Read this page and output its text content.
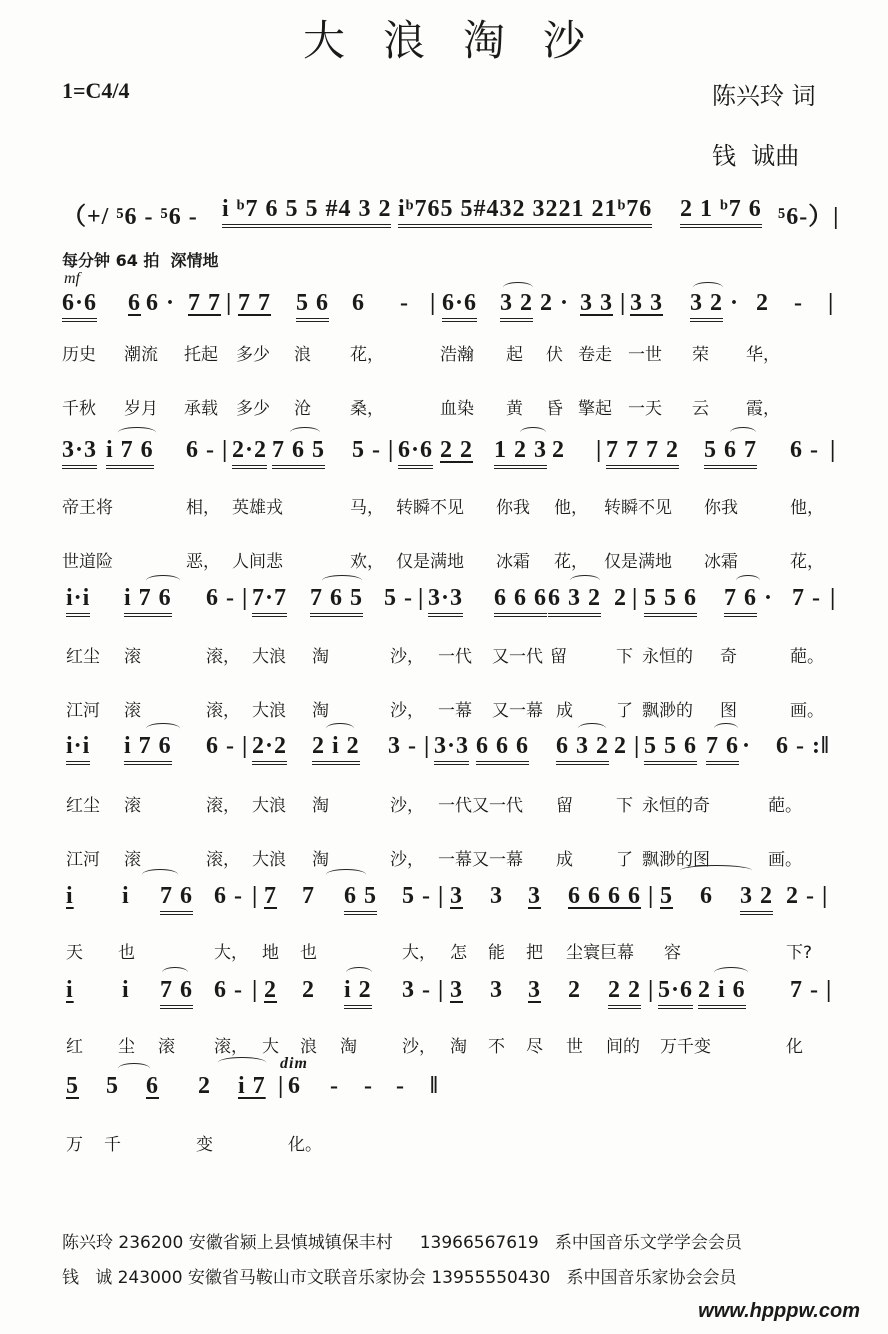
大浪淘沙
1=C4/4	陈兴玲 词
钱  诚曲
（+/ ⁵6 - ⁵6 - i ᵇ7 6 5 5 #4 3 2 iᵇ765 5#432 3221 21ᵇ76 2 1 ᵇ7 6 ⁵6-）|
每分钟 64 拍  深情地
mf
6·6 6 6 · 7 7 | 7 7 5 6 6 - | 6·6 3 2 2 · 3 3 | 3 3 3 2 · 2 - |
历史 潮流 托起 多少 浪 花，	浩瀚 起 伏 卷走 一世 荣 华，
千秋 岁月 承载 多少 沧 桑，	血染 黄 昏 擎起 一天 云 霞，
3·3 i 7 6 6 - | 2·2 7 6 5 5 - | 6·6 2 2 1 2 3 2 | 7 7 7 2 5 6 7 6 - |
帝王将	相， 英雄戎	马， 转瞬不见 你我 他， 转瞬不见 你我	他，
世道险	恶， 人间悲	欢， 仅是满地 冰霜 花， 仅是满地 冰霜	花，
i·i i 7 6 6 - | 7·7 7 6 5 5 - | 3·3 6 6 6 6 3 2 2 | 5 5 6 7 6 · 7 - |
红尘 滚	滚， 大浪 淘	沙， 一代 又一代 留	下 永恒的 奇	葩。
江河 滚	滚， 大浪 淘	沙， 一幕 又一幕 成	了 飘渺的 图	画。
i·i i 7 6 6 - | 2·2 2 i 2 3 - | 3·3 6 6 6 6 3 2 2 | 5 5 6 7 6 · 6 - :‖
红尘 滚	滚， 大浪 淘	沙， 一代又一代 留	下 永恒的奇	葩。
江河 滚	滚， 大浪 淘	沙， 一幕又一幕 成	了 飘渺的图	画。
i i 7 6 6 - | 7 7 6 5 5 - | 3 3 3 6 6 6 6 | 5 6 3 2 2 - |
天 也	大， 地 也	大， 怎 能 把 尘寰巨幕 容	下?
i i 7 6 6 - | 2 2 i 2 3 - | 3 3 3 2 2 2 | 5·6 2 i 6 7 - |
红 尘 滚 滚， 大 浪 淘	沙， 淘 不 尽 世 间的 万千变	化
5 5 6 2 i 7 | 6 - - - ‖
dim
万 千	变	化。
陈兴玲 236200 安徽省颍上县慎城镇保丰村     13966567619   系中国音乐文学学会会员
钱   诚 243000 安徽省马鞍山市文联音乐家协会 13955550430   系中国音乐家协会会员
www.hpppw.com
